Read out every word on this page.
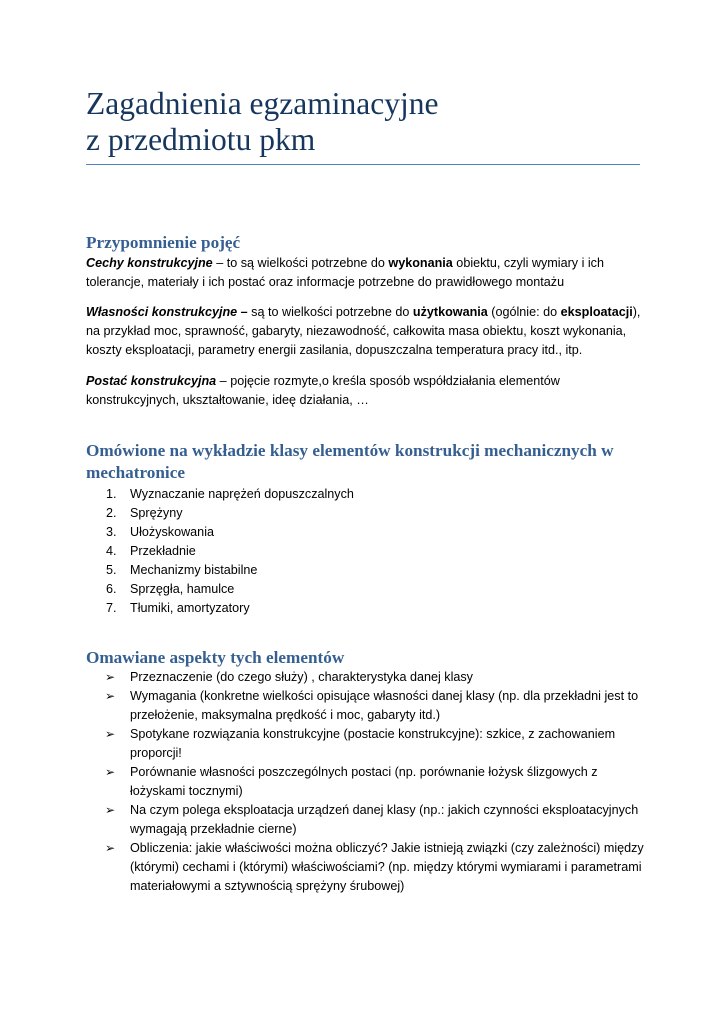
Zagadnienia egzaminacyjne
z przedmiotu pkm
Przypomnienie pojęć

Cechy konstrukcyjne – to są wielkości potrzebne do wykonania obiektu, czyli wymiary i ich tolerancje, materiały i ich postać oraz informacje potrzebne do prawidłowego montażu

Własności konstrukcyjne – są to wielkości potrzebne do użytkowania (ogólnie: do eksploatacji), na przykład moc, sprawność, gabaryty, niezawodność, całkowita masa obiektu, koszt wykonania, koszty eksploatacji, parametry energii zasilania, dopuszczalna temperatura pracy itd., itp.

Postać konstrukcyjna – pojęcie rozmyte,o kreśla sposób współdziałania elementów konstrukcyjnych, ukształtowanie, ideę działania, …

Omówione na wykładzie klasy elementów konstrukcji mechanicznych w mechatronice
1. Wyznaczanie naprężeń dopuszczalnych
2. Sprężyny
3. Ułożyskowania
4. Przekładnie
5. Mechanizmy bistabilne
6. Sprzęgła, hamulce
7. Tłumiki, amortyzatory
Omawiane aspekty tych elementów
➢ Przeznaczenie (do czego służy) , charakterystyka danej klasy
➢ Wymagania (konkretne wielkości opisujące własności danej klasy (np. dla przekładni jest to przełożenie, maksymalna prędkość i moc, gabaryty itd.)
➢ Spotykane rozwiązania konstrukcyjne (postacie konstrukcyjne): szkice, z zachowaniem proporcji!
➢ Porównanie własności poszczególnych postaci (np. porównanie łożysk ślizgowych z łożyskami tocznymi)
➢ Na czym polega eksploatacja urządzeń danej klasy (np.: jakich czynności eksploatacyjnych wymagają przekładnie cierne)
➢ Obliczenia: jakie właściwości można obliczyć? Jakie istnieją związki (czy zależności) między (którymi) cechami i (którymi) właściwościami? (np. między którymi wymiarami i parametrami materiałowymi a sztywnością sprężyny śrubowej)
